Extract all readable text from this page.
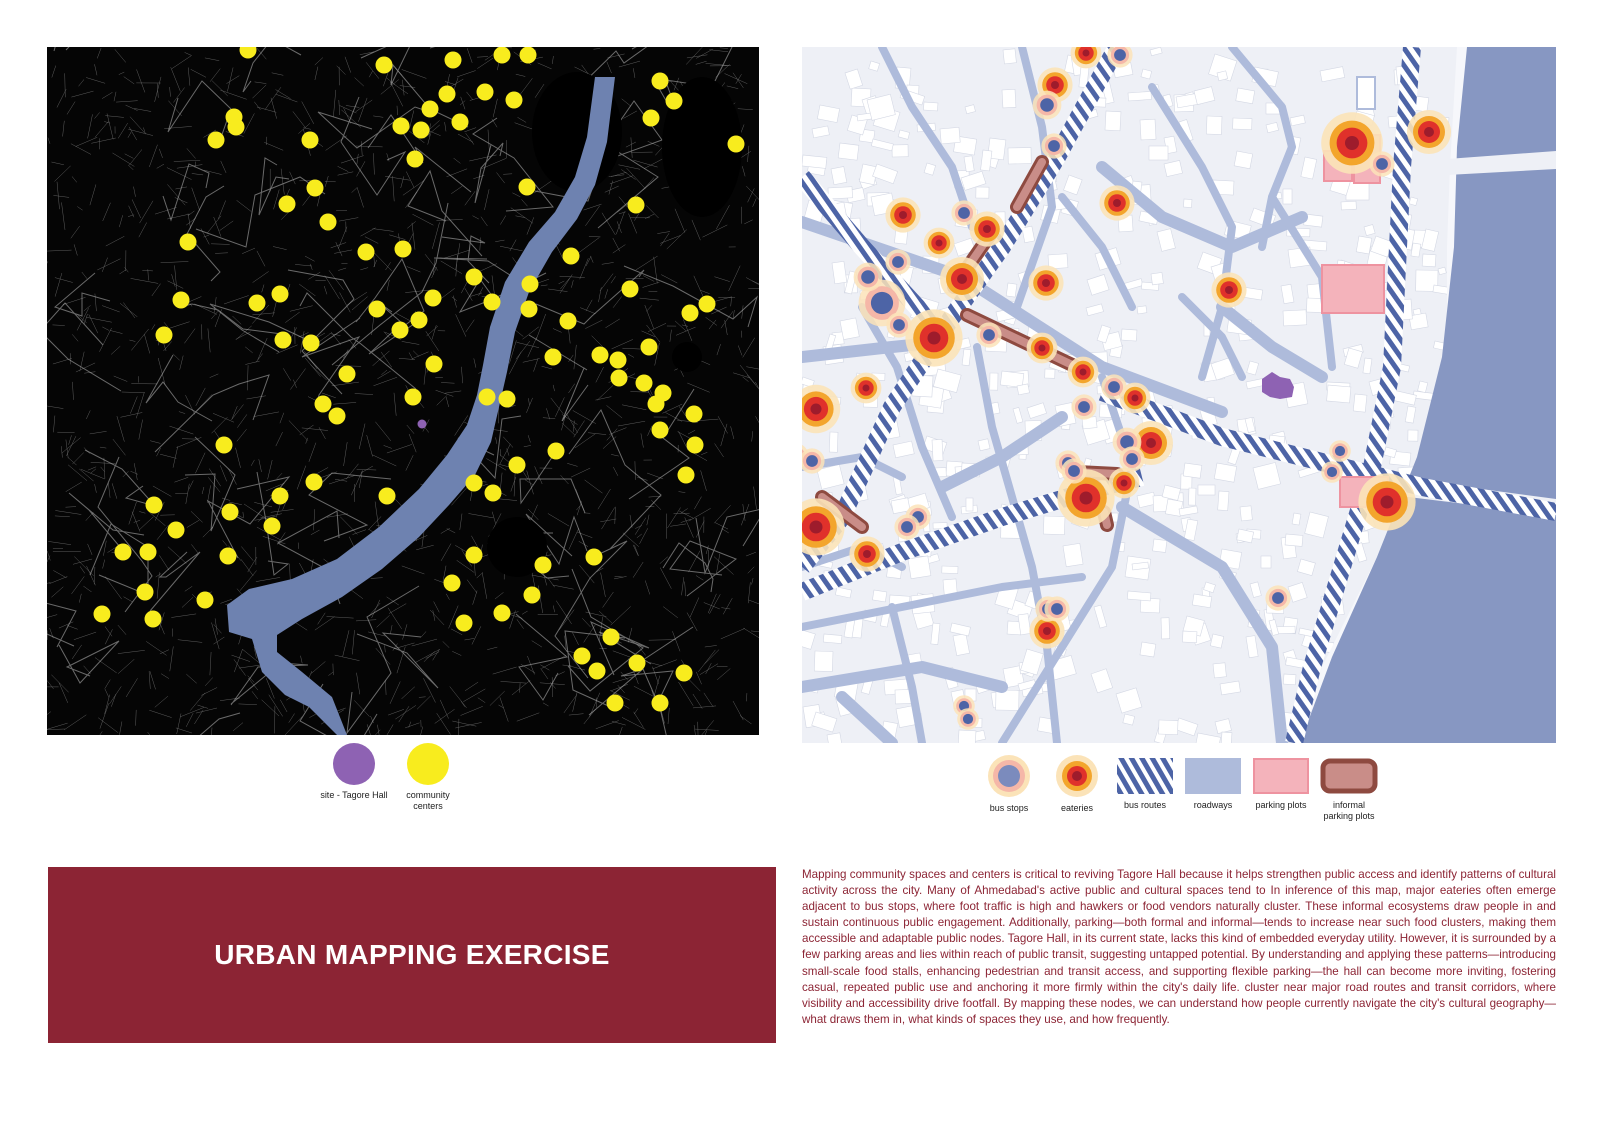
site - Tagore Hall community
centers	bus stops	eateries	bus routes	roadways	parking plots	informal
parking plots
URBAN MAPPING EXERCISE

Mapping community spaces and centers is critical to reviving Tagore Hall because it helps strengthen public access and identify patterns of cultural activity across the city. Many of Ahmedabad's active public and cultural spaces tend to In inference of this map, major eateries often emerge adjacent to bus stops, where foot traffic is high and hawkers or food vendors naturally cluster. These informal ecosystems draw people in and sustain continuous public engagement. Additionally, parking—both formal and informal—tends to increase near such food clusters, making them accessible and adaptable public nodes. Tagore Hall, in its current state, lacks this kind of embedded everyday utility. However, it is surrounded by a few parking areas and lies within reach of public transit, suggesting untapped potential. By understanding and applying these patterns—introducing small-scale food stalls, enhancing pedestrian and transit access, and supporting flexible parking—the hall can become more inviting, fostering casual, repeated public use and anchoring it more firmly within the city's daily life. cluster near major road routes and transit corridors, where visibility and accessibility drive footfall. By mapping these nodes, we can understand how people currently navigate the city's cultural geography—what draws them in, what kinds of spaces they use, and how frequently.
